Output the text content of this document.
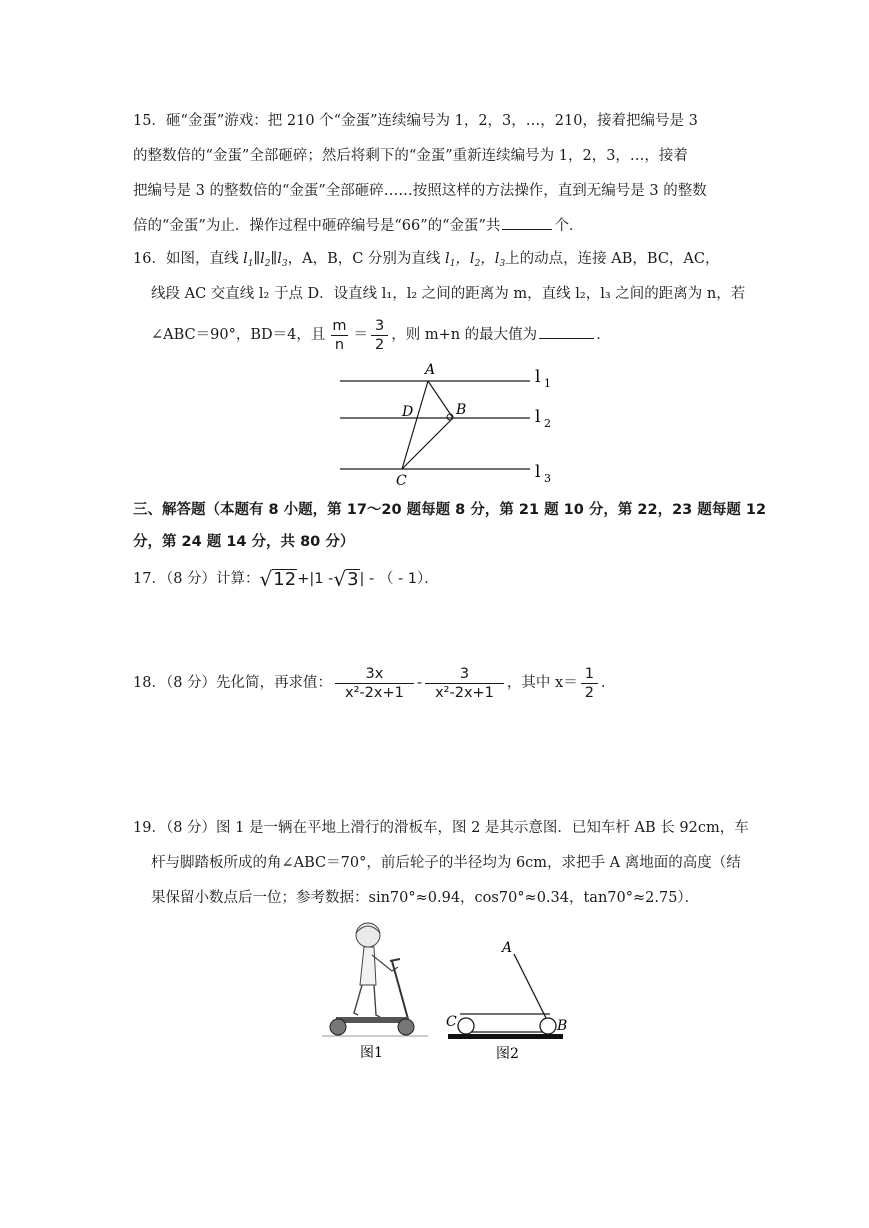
15．砸“金蛋”游戏：把 210 个“金蛋”连续编号为 1，2，3，…，210，接着把编号是 3
的整数倍的“金蛋”全部砸碎；然后将剩下的“金蛋”重新连续编号为 1，2，3，…，接着
把编号是 3 的整数倍的“金蛋”全部砸碎……按照这样的方法操作，直到无编号是 3 的整数
倍的“金蛋”为止．操作过程中砸碎编号是“66”的“金蛋”共	个．
16．如图，直线 $l_1\parallel l_2\parallel l_3$，A，B，C 分别为直线 $l_1$，$l_2$，$l_3$上的动点，连接 AB，BC，AC，
线段 AC 交直线 l₂ 于点 D．设直线 l₁，l₂ 之间的距离为 m，直线 l₂，l₃ 之间的距离为 n，若
∠ABC＝90°，BD＝4，且 $\frac{m}{n} = \frac{3}{2}$ ，则 m+n 的最大值为	．
A
B
C
D
l 1
l 2
l 3
三、解答题（本题有 8 小题，第 17～20 题每题 8 分，第 21 题 10 分，第 22，23 题每题 12
分，第 24 题 14 分，共 80 分）
17．（8 分）计算： √ 12 +|1 - √ 3 | - （ - 1）．
18．（8 分）先化简，再求值： $\frac{3x}{\text{x²-2x+1}} - \frac{3}{\text{x²-2x+1}}$ ，其中 $x= \frac{1}{2}$ ．
19．（8 分）图 1 是一辆在平地上滑行的滑板车，图 2 是其示意图．已知车杆 AB 长 92cm，车
杆与脚踏板所成的角∠ABC＝70°，前后轮子的半径均为 6cm，求把手 A 离地面的高度（结
果保留小数点后一位；参考数据：sin70°≈0.94，cos70°≈0.34，tan70°≈2.75）．
图1
A
C	B
图2
